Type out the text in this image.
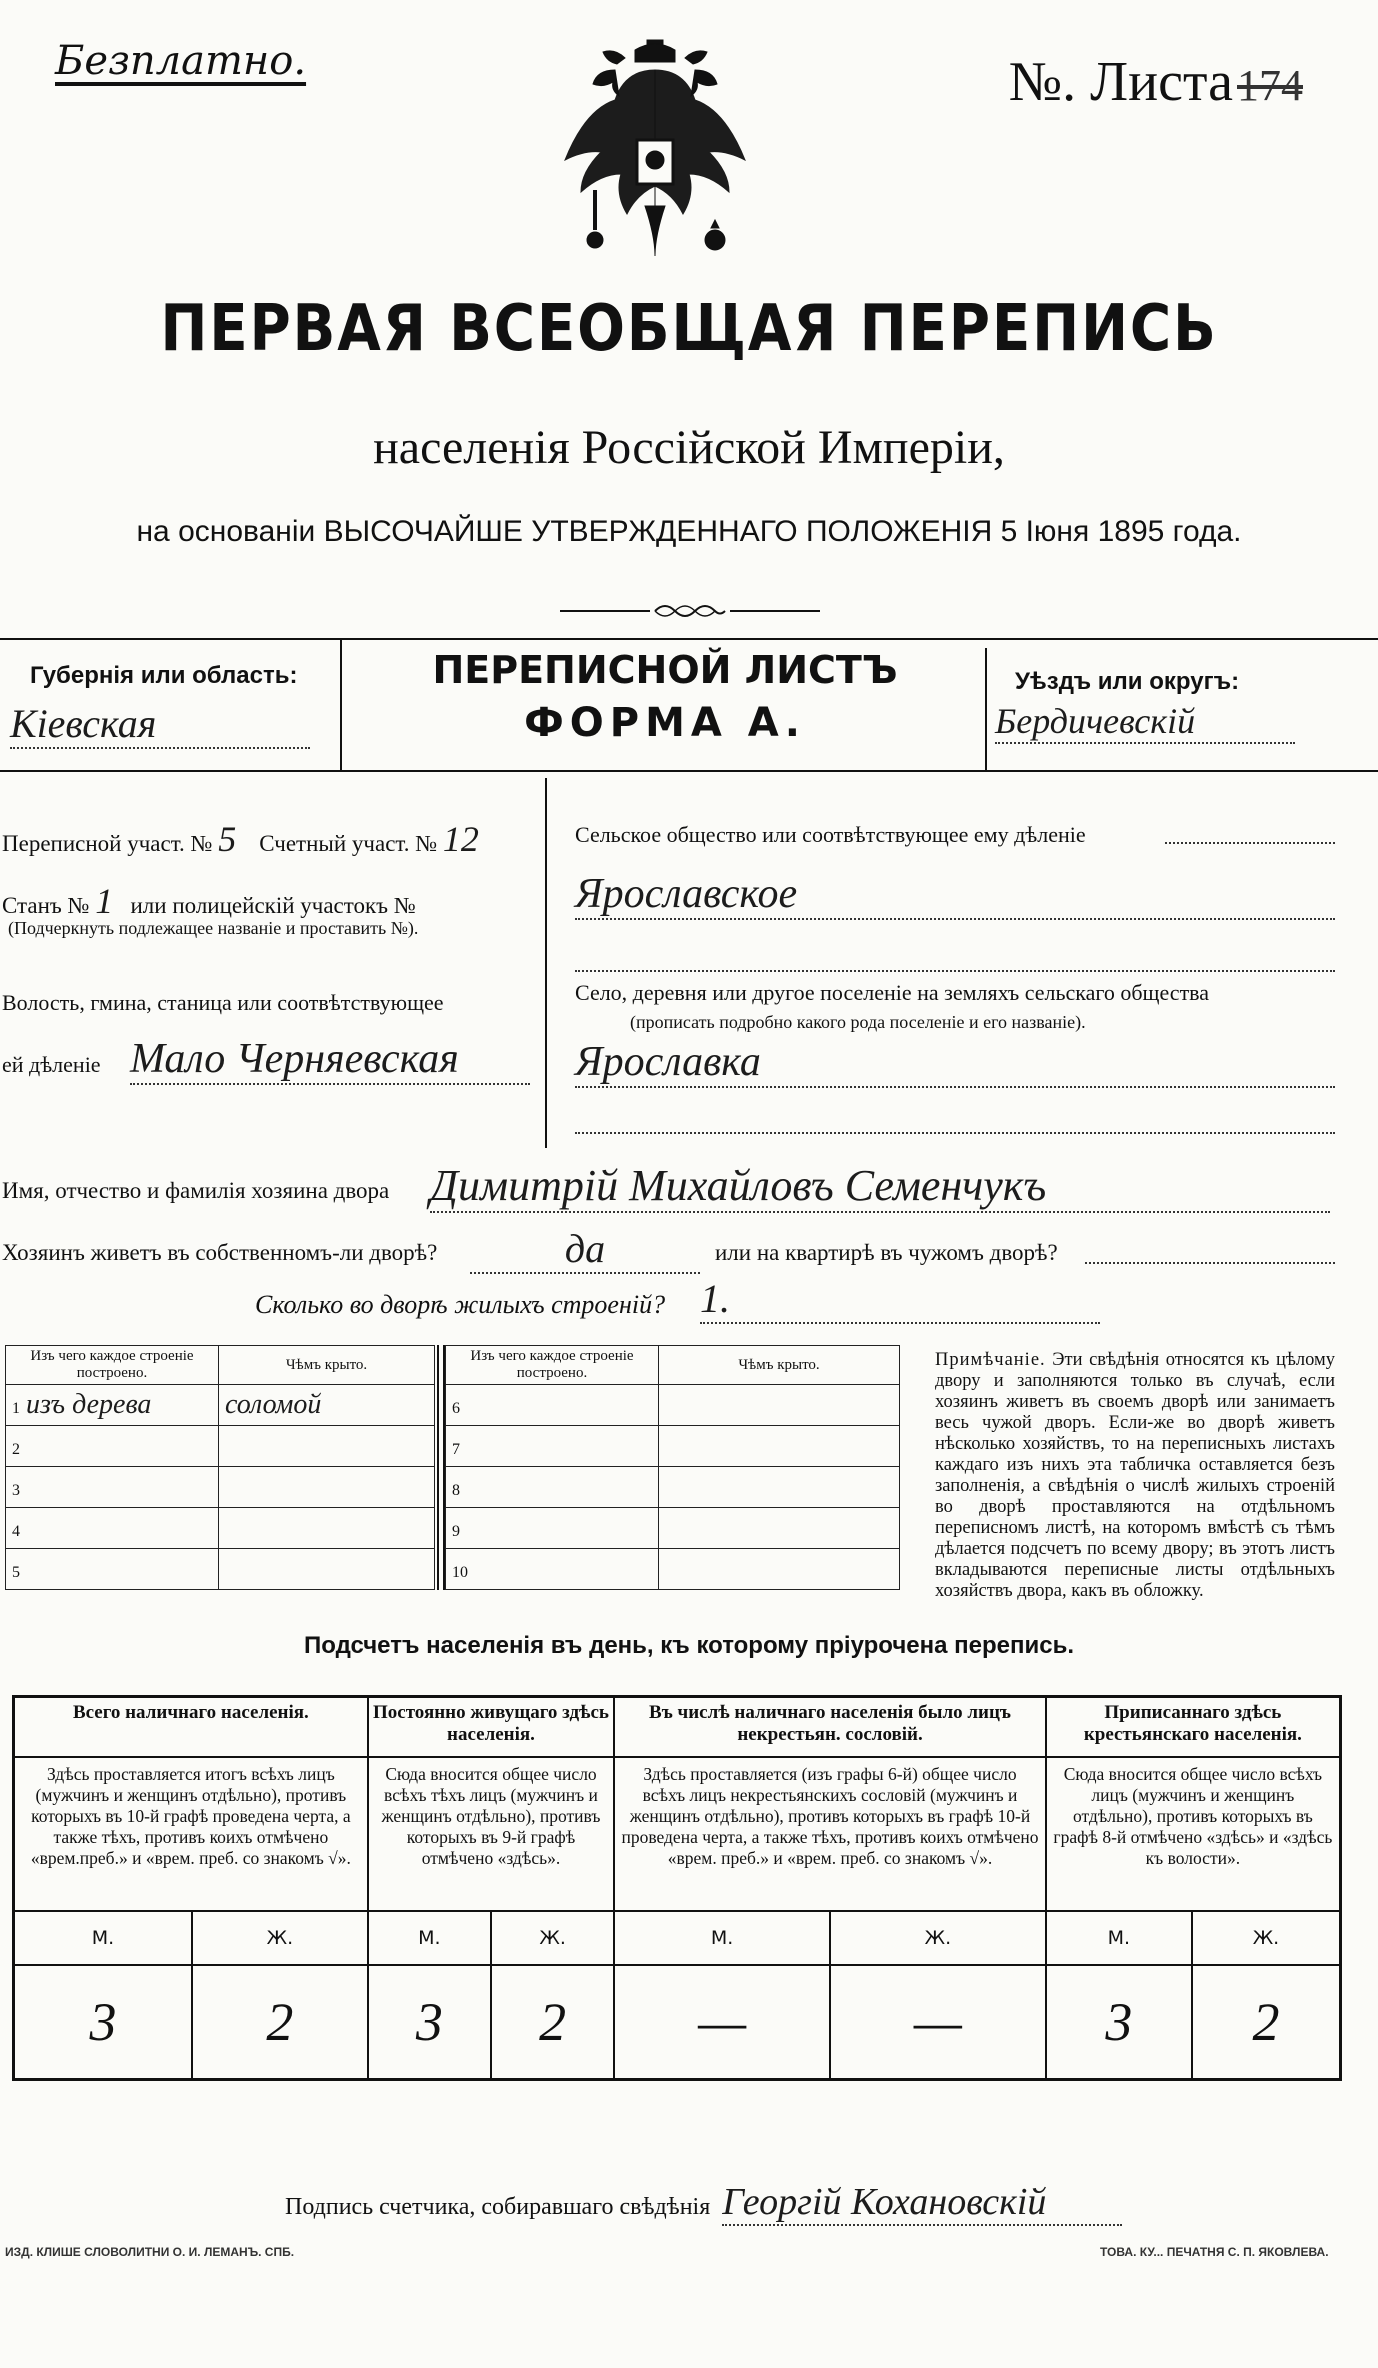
Безплатно.	№. Листа174
ПЕРВАЯ ВСЕОБЩАЯ ПЕРЕПИСЬ
населенія Россійской Имперіи,
на основаніи ВЫСОЧАЙШЕ УТВЕРЖДЕННАГО ПОЛОЖЕНІЯ 5 Іюня 1895 года.
Губернія или область:
Кіевская
ПЕРЕПИСНОЙ ЛИСТЪ
ФОРМА А.
Уѣздъ или округъ:
Бердичевскій
Переписной участ. № 5 Счетный участ. № 12
Станъ № 1 или полицейскій участокъ №
(Подчеркнуть подлежащее названіе и проставить №).
Волость, гмина, станица или соотвѣтствующее
ей дѣленіе Мало Черняевская
Сельское общество или соотвѣтствующее ему дѣленіе
Ярославское
Село, деревня или другое поселеніе на земляхъ сельскаго общества
(прописать подробно какого рода поселеніе и его названіе).
Ярославка
Имя, отчество и фамилія хозяина двора Димитрій Михайловъ Семенчукъ
Хозяинъ живетъ въ собственномъ-ли дворѣ?	да	или на квартирѣ въ чужомъ дворѣ?
Сколько во дворѣ жилыхъ строеній? 1.
Изъ чего каждое строеніе построено.	Чѣмъ крыто.
1 изъ дерева	соломой
2	
3	
4	
5	
Изъ чего каждое строеніе построено.	Чѣмъ крыто.
6	
7	
8	
9	
10	
Примѣчаніе. Эти свѣдѣнія относятся къ цѣлому двору и заполняются только въ случаѣ, если хозяинъ живетъ въ своемъ дворѣ или занимаетъ весь чужой дворъ. Если-же во дворѣ живетъ нѣсколько хозяйствъ, то на переписныхъ листахъ каждаго изъ нихъ эта табличка оставляется безъ заполненія, а свѣдѣнія о числѣ жилыхъ строеній во дворѣ проставляются на отдѣльномъ переписномъ листѣ, на которомъ вмѣстѣ съ тѣмъ дѣлается подсчетъ по всему двору; въ этотъ листъ вкладываются переписные листы отдѣльныхъ хозяйствъ двора, какъ въ обложку.
Подсчетъ населенія въ день, къ которому пріурочена перепись.
Всего наличнаго населенія.		Постоянно живущаго здѣсь населенія.		Въ числѣ наличнаго населенія было лицъ некрестьян. сословій.		Приписаннаго здѣсь крестьянскаго населенія.	
Здѣсь проставляется итогъ всѣхъ лицъ (мужчинъ и женщинъ отдѣльно), противъ которыхъ въ 10-й графѣ проведена черта, а также тѣхъ, противъ коихъ отмѣчено «врем.преб.» и «врем. преб. со знакомъ √».		Сюда вносится общее число всѣхъ тѣхъ лицъ (мужчинъ и женщинъ отдѣльно), противъ которыхъ въ 9-й графѣ отмѣчено «здѣсь».		Здѣсь проставляется (изъ графы 6-й) общее число всѣхъ лицъ некрестьянскихъ сословій (мужчинъ и женщинъ отдѣльно), противъ которыхъ въ графѣ 10-й проведена черта, а также тѣхъ, противъ коихъ отмѣчено «врем. преб.» и «врем. преб. со знакомъ √».		Сюда вносится общее число всѣхъ лицъ (мужчинъ и женщинъ отдѣльно), противъ которыхъ въ графѣ 8-й отмѣчено «здѣсь» и «здѣсь къ волости».	
М.	Ж.	М.	Ж.	М.	Ж.	М.	Ж.
3	2	3	2	—	—	3	2
Подпись счетчика, собиравшаго свѣдѣнія Георгій Кохановскій
ИЗД. КЛИШЕ СЛОВОЛИТНИ О. И. ЛЕМАНЪ. СПБ.	ТОВА. КУ... ПЕЧАТНЯ С. П. ЯКОВЛЕВА.
